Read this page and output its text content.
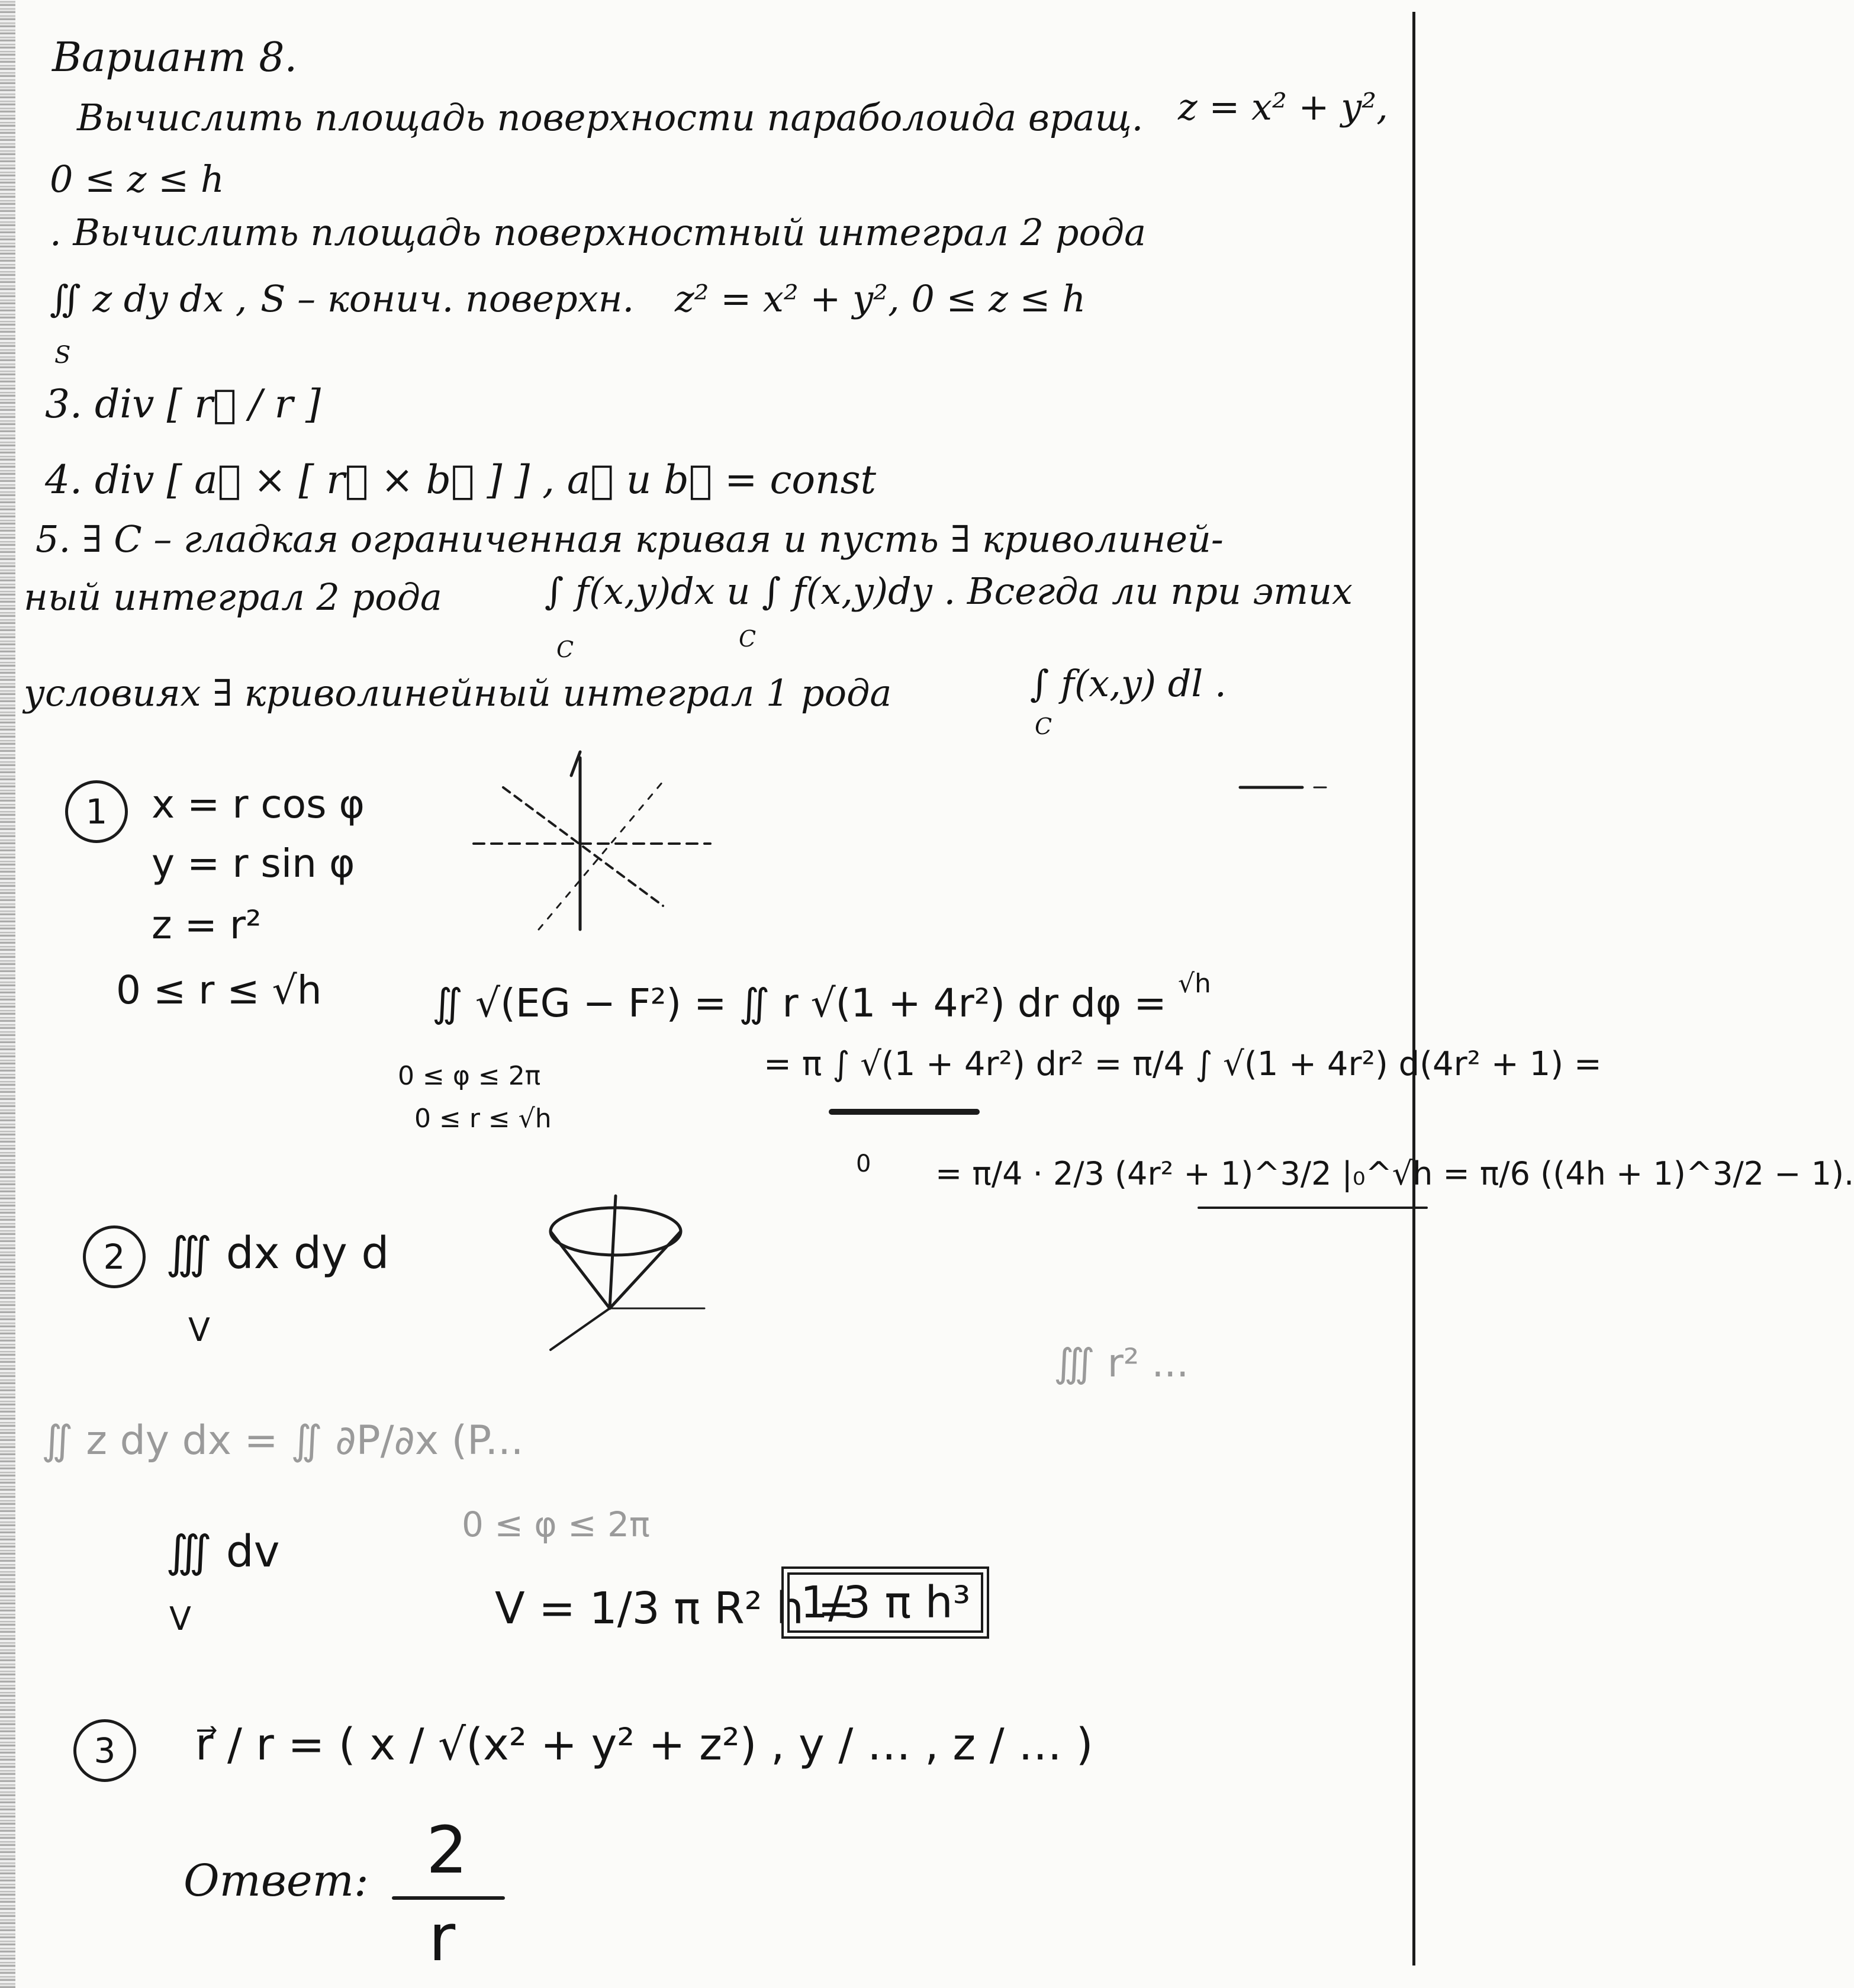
Вариант 8.
Вычислить площадь поверхности параболоида вращ. z = x² + y²,
0 ≤ z ≤ h
. Вычислить площадь поверхностный интеграл 2 рода
∬ z dy dx , S – конич. поверхн. z² = x² + y², 0 ≤ z ≤ h
S
3. div [ r⃗ / r ]
4. div [ a⃗ × [ r⃗ × b⃗ ] ] , a⃗ и b⃗ = const
5. ∃ C – гладкая ограниченная кривая и пусть ∃ криволиней-
ный интеграл 2 рода	∫ f(x,y)dx и ∫ f(x,y)dy . Всегда ли при этих
C	C
условиях ∃ криволинейный интеграл 1 рода	∫ f(x,y) dl .
C
1	x = r cos φ
y = r sin φ
z = r²
0 ≤ r ≤ √h	∬ √(EG − F²) = ∬ r √(1 + 4r²) dr dφ = √h
0 ≤ φ ≤ 2π
0 ≤ r ≤ √h
= π ∫ √(1 + 4r²) dr² = π/4 ∫ √(1 + 4r²) d(4r² + 1) =
0 = π/4 · 2/3 (4r² + 1)^3/2 |₀^√h = π/6 ((4h + 1)^3/2 − 1).
2 ∭ dx dy d
V
∬ z dy dx = ∬ ∂P/∂x (P...
∭ r² ...
∭ dv
V
0 ≤ φ ≤ 2π
V = 1/3 π R² h =
1/3 π h³
3	r⃗ / r = ( x / √(x² + y² + z²) , y / … , z / … )
Ответ: 2
r
